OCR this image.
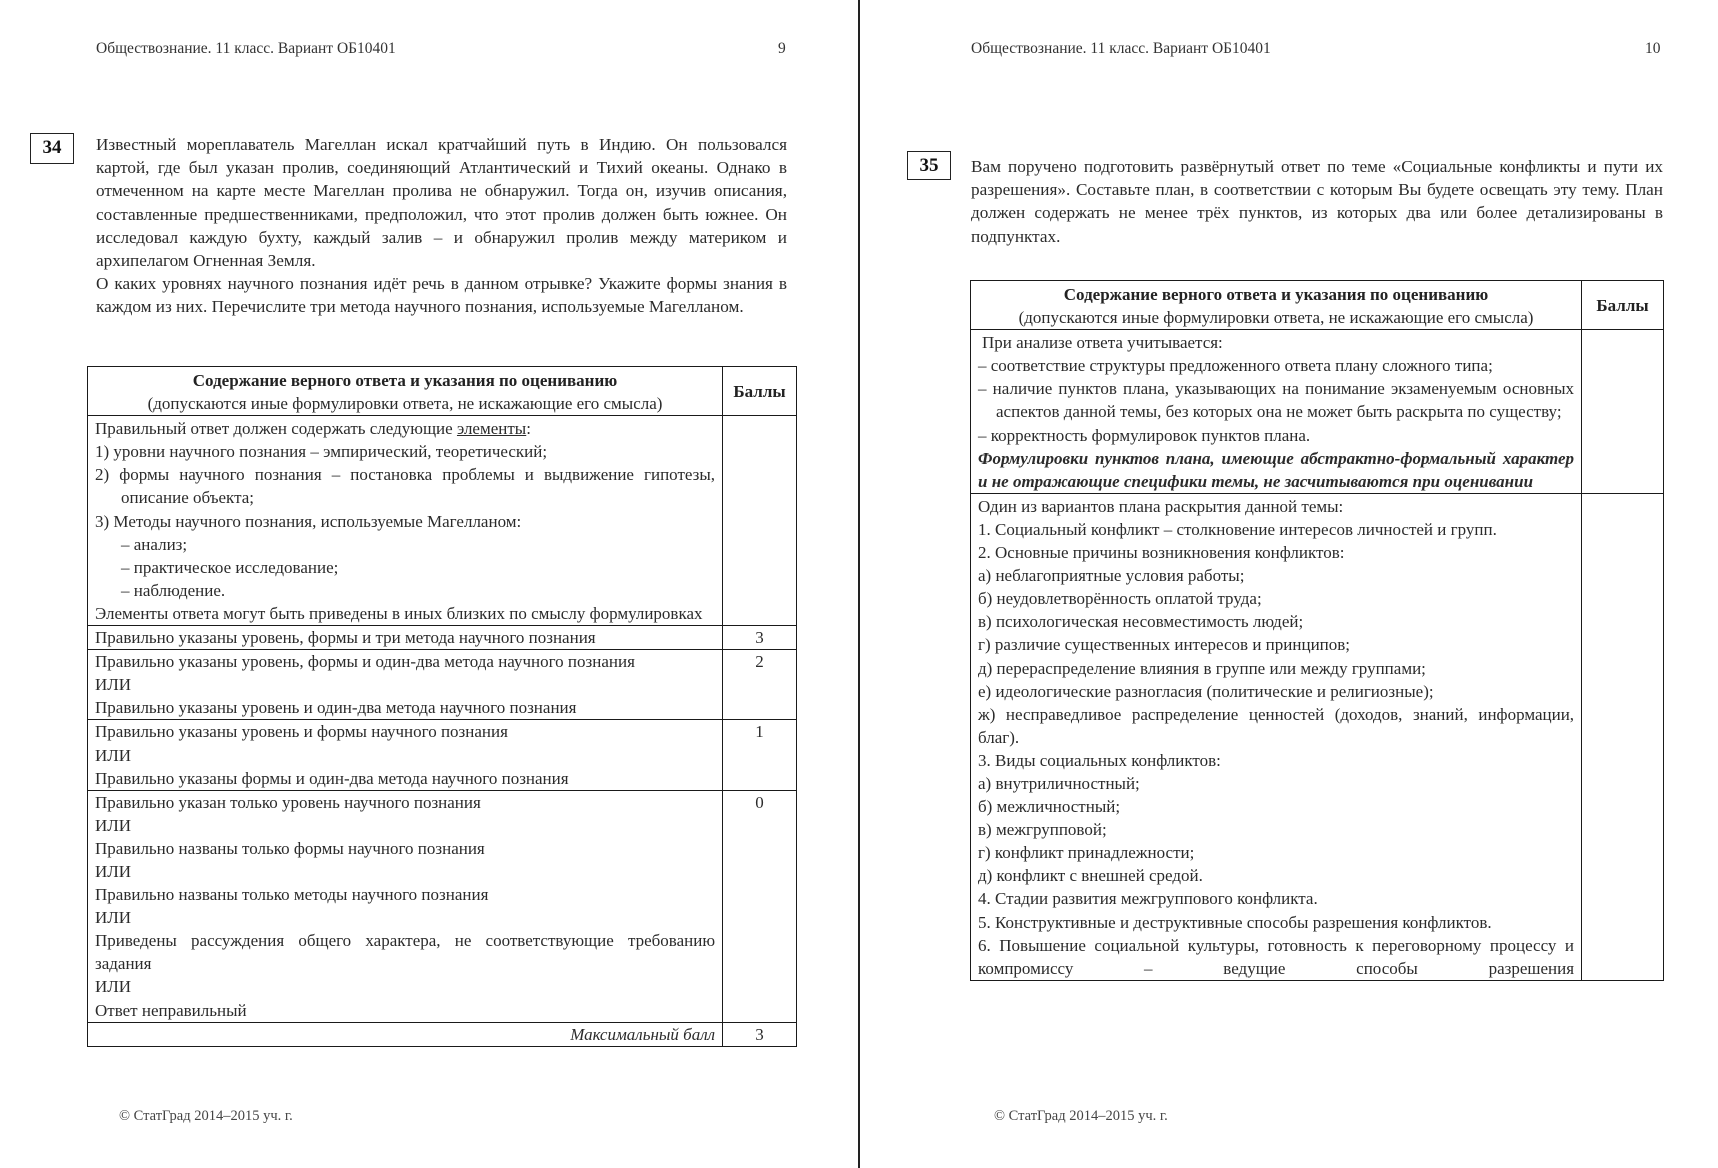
Обществознание. 11 класс. Вариант ОБ10401	9
34	Известный мореплаватель Магеллан искал кратчайший путь в Индию. Он пользовался картой, где был указан пролив, соединяющий Атлантический и Тихий океаны. Однако в отмеченном на карте месте Магеллан пролива не обнаружил. Тогда он, изучив описания, составленные предшественниками, предположил, что этот пролив должен быть южнее. Он исследовал каждую бухту, каждый залив – и обнаружил пролив между материком и архипелагом Огненная Земля.

О каких уровнях научного познания идёт речь в данном отрывке? Укажите формы знания в каждом из них. Перечислите три метода научного познания, используемые Магелланом.

Содержание верного ответа и указания по оцениванию
(допускаются иные формулировки ответа, не искажающие его смысла)	Баллы

Правильный ответ должен содержать следующие элементы:
1) уровни научного познания – эмпирический, теоретический;
2) формы научного познания – постановка проблемы и выдвижение гипотезы, описание объекта;
3) Методы научного познания, используемые Магелланом:
– анализ;
– практическое исследование;
– наблюдение.
Элементы ответа могут быть приведены в иных близких по смыслу формулировках

Правильно указаны уровень, формы и три метода научного познания	3

Правильно указаны уровень, формы и один-два метода научного познания
ИЛИ
Правильно указаны уровень и один-два метода научного познания	2

Правильно указаны уровень и формы научного познания
ИЛИ
Правильно указаны формы и один-два метода научного познания	1

Правильно указан только уровень научного познания
ИЛИ
Правильно названы только формы научного познания
ИЛИ
Правильно названы только методы научного познания
ИЛИ
Приведены рассуждения общего характера, не соответствующие требованию задания
ИЛИ
Ответ неправильный
	0
Максимальный балл	3
© СтатГрад 2014–2015 уч. г.
Обществознание. 11 класс. Вариант ОБ10401	10
35	Вам поручено подготовить развёрнутый ответ по теме «Социальные конфликты и пути их разрешения». Составьте план, в соответствии с которым Вы будете освещать эту тему. План должен содержать не менее трёх пунктов, из которых два или более детализированы в подпунктах.

Содержание верного ответа и указания по оцениванию
(допускаются иные формулировки ответа, не искажающие его смысла)	Баллы

При анализе ответа учитывается:
– соответствие структуры предложенного ответа плану сложного типа;
– наличие пунктов плана, указывающих на понимание экзаменуемым основных аспектов данной темы, без которых она не может быть раскрыта по существу;
– корректность формулировок пунктов плана.
Формулировки пунктов плана, имеющие абстрактно-формальный характер и не отражающие специфики темы, не засчитываются при оценивании	

Один из вариантов плана раскрытия данной темы:
1. Социальный конфликт – столкновение интересов личностей и групп.
2. Основные причины возникновения конфликтов:
а) неблагоприятные условия работы;
б) неудовлетворённость оплатой труда;
в) психологическая несовместимость людей;
г) различие существенных интересов и принципов;
д) перераспределение влияния в группе или между группами;
е) идеологические разногласия (политические и религиозные);
ж) несправедливое распределение ценностей (доходов, знаний, информации, благ).
3. Виды социальных конфликтов:
а) внутриличностный;
б) межличностный;
в) межгрупповой;
г) конфликт принадлежности;
д) конфликт с внешней средой.
4. Стадии развития межгруппового конфликта.
5. Конструктивные и деструктивные способы разрешения конфликтов.
6. Повышение социальной культуры, готовность к переговорному процессу и компромиссу – ведущие способы разрешения

© СтатГрад 2014–2015 уч. г.
